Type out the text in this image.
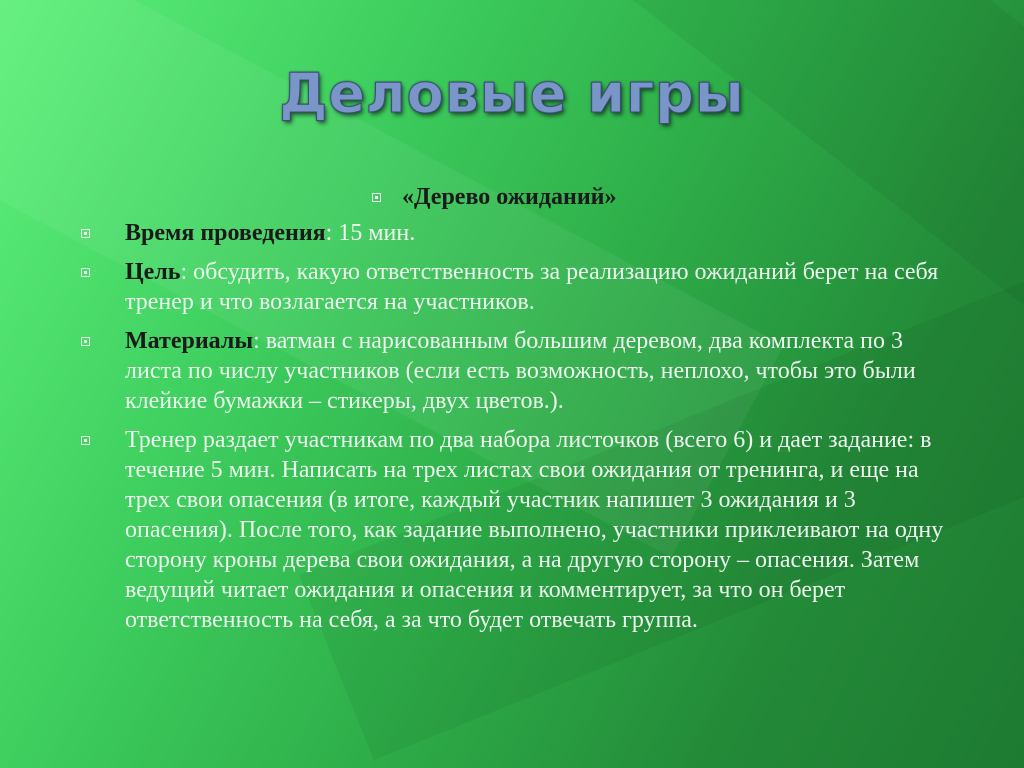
Деловые игры
«Дерево ожиданий»
Время проведения: 15 мин.
Цель: обсудить, какую ответственность за реализацию ожиданий берет на себя тренер и что возлагается на участников.
Материалы: ватман с нарисованным большим деревом, два комплекта по 3 листа по числу участников (если есть возможность, неплохо, чтобы это были клейкие бумажки – стикеры, двух цветов.).
Тренер раздает участникам по два набора листочков (всего 6) и дает задание: в течение 5 мин. Написать на трех листах свои ожидания от тренинга, и еще на трех свои опасения (в итоге, каждый участник напишет 3 ожидания и 3 опасения). После того, как задание выполнено, участники приклеивают на одну сторону кроны дерева свои ожидания, а на другую сторону – опасения. Затем ведущий читает ожидания и опасения и комментирует, за что он берет ответственность на себя, а за что будет отвечать группа.
